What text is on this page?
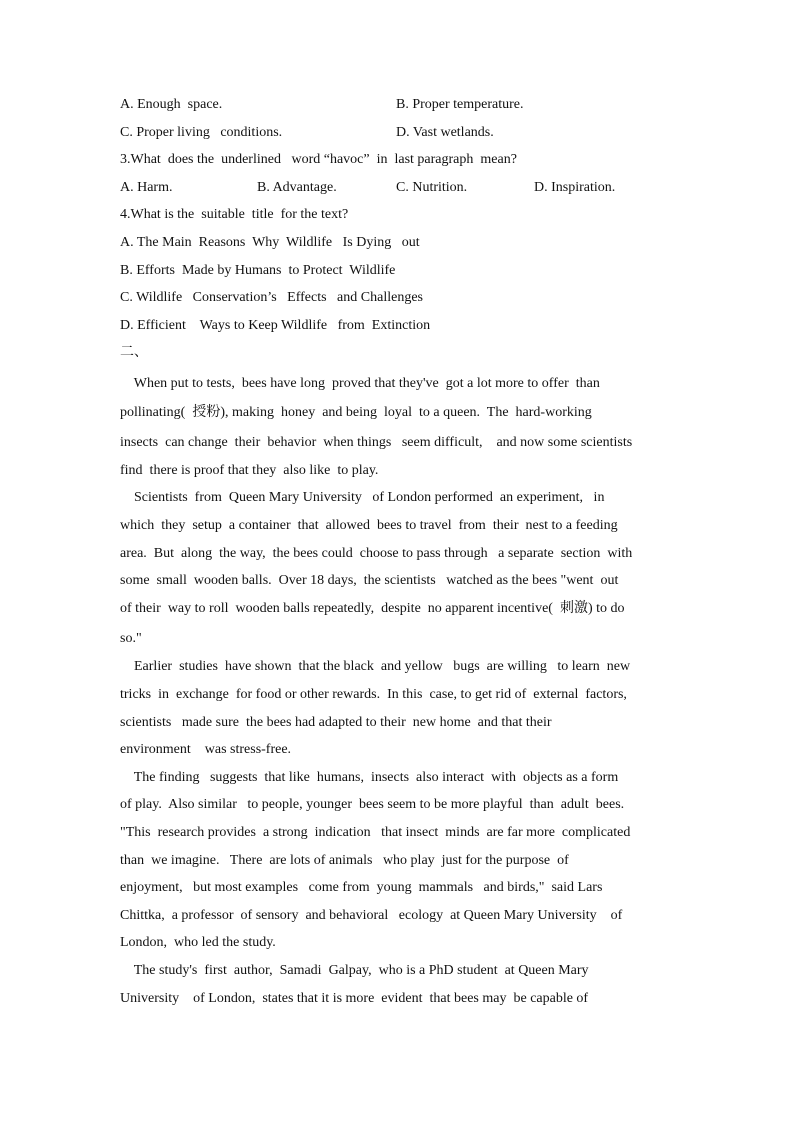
A. Enough  space.	B. Proper temperature.
C. Proper living   conditions.	D. Vast wetlands.
3.What  does the  underlined   word “havoc”  in  last paragraph  mean?
A. Harm.	B. Advantage.	C. Nutrition.	D. Inspiration.
4.What is the  suitable  title  for the text?
A. The Main  Reasons  Why  Wildlife   Is Dying   out
B. Efforts  Made by Humans  to Protect  Wildlife
C. Wildlife   Conservation’s   Effects   and Challenges
D. Efficient    Ways to Keep Wildlife   from  Extinction
二、
When put to tests,  bees have long  proved that they've  got a lot more to offer  than
pollinating(  授粉), making  honey  and being  loyal  to a queen.  The  hard-working
insects  can change  their  behavior  when things   seem difficult,    and now some scientists
find  there is proof that they  also like  to play.
Scientists  from  Queen Mary University   of London performed  an experiment,   in
which  they  setup  a container  that  allowed  bees to travel  from  their  nest to a feeding
area.  But  along  the way,  the bees could  choose to pass through   a separate  section  with
some  small  wooden balls.  Over 18 days,  the scientists   watched as the bees "went  out
of their  way to roll  wooden balls repeatedly,  despite  no apparent incentive(  刺激) to do
so."
Earlier  studies  have shown  that the black  and yellow   bugs  are willing   to learn  new
tricks  in  exchange  for food or other rewards.  In this  case, to get rid of  external  factors,
scientists   made sure  the bees had adapted to their  new home  and that their
environment    was stress-free.
The finding   suggests  that like  humans,  insects  also interact  with  objects as a form
of play.  Also similar   to people, younger  bees seem to be more playful  than  adult  bees.
"This  research provides  a strong  indication   that insect  minds  are far more  complicated
than  we imagine.   There  are lots of animals   who play  just for the purpose  of
enjoyment,   but most examples   come from  young  mammals   and birds,"  said Lars
Chittka,  a professor  of sensory  and behavioral   ecology  at Queen Mary University    of
London,  who led the study.
The study's  first  author,  Samadi  Galpay,  who is a PhD student  at Queen Mary
University    of London,  states that it is more  evident  that bees may  be capable of
